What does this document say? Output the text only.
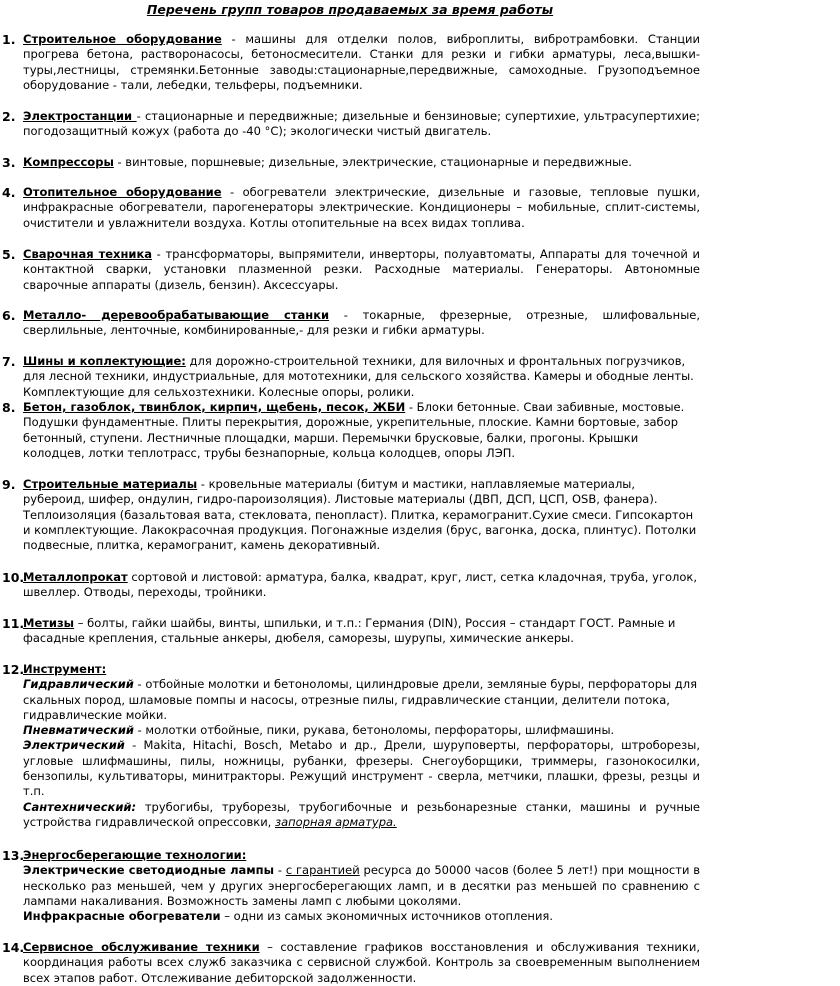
Перечень групп товаров продаваемых за время работы
1. Строительное оборудование - машины для отделки полов, виброплиты, вибротрамбовки. Станции прогрева бетона, растворонасосы, бетоносмесители. Станки для резки и гибки арматуры, леса,вышки-туры,лестницы, стремянки.Бетонные заводы:стационарные,передвижные, самоходные. Грузоподъемное оборудование - тали, лебедки, тельферы, подъемники.
2. Электростанции - стационарные и передвижные; дизельные и бензиновые; супертихие, ультрасупертихие; погодозащитный кожух (работа до -40 °С); экологически чистый двигатель.
3. Компрессоры - винтовые, поршневые; дизельные, электрические, стационарные и передвижные.
4. Отопительное оборудование - обогреватели электрические, дизельные и газовые, тепловые пушки, инфракрасные обогреватели, парогенераторы электрические. Кондиционеры – мобильные, сплит-системы, очистители и увлажнители воздуха. Котлы отопительные на всех видах топлива.
5. Сварочная техника - трансформаторы, выпрямители, инверторы, полуавтоматы, Аппараты для точечной и контактной сварки, установки плазменной резки. Расходные материалы. Генераторы. Автономные сварочные аппараты (дизель, бензин). Аксессуары.
6. Металло- деревообрабатывающие станки - токарные, фрезерные, отрезные, шлифовальные, сверлильные, ленточные, комбинированные,- для резки и гибки арматуры.
7. Шины и коплектующие: для дорожно-строительной техники, для вилочных и фронтальных погрузчиков, для лесной техники, индустриальные, для мототехники, для сельского хозяйства. Камеры и ободные ленты. Комплектующие для сельхозтехники. Колесные опоры, ролики.
8. Бетон, газоблок, твинблок, кирпич, щебень, песок, ЖБИ - Блоки бетонные. Сваи забивные, мостовые. Подушки фундаментные. Плиты перекрытия, дорожные, укрепительные, плоские. Камни бортовые, забор бетонный, ступени. Лестничные площадки, марши. Перемычки брусковые, балки, прогоны. Крышки колодцев, лотки теплотрасс, трубы безнапорные, кольца колодцев, опоры ЛЭП.
9. Строительные материалы - кровельные материалы (битум и мастики, наплавляемые материалы, рубероид, шифер, ондулин, гидро-пароизоляция). Листовые материалы (ДВП, ДСП, ЦСП, OSB, фанера). Теплоизоляция (базальтовая вата, стекловата, пенопласт). Плитка, керамогранит.Сухие смеси. Гипсокартон и комплектующие. Лакокрасочная продукция. Погонажные изделия (брус, вагонка, доска, плинтус). Потолки подвесные, плитка, керамогранит, камень декоративный.
10.
Металлопрокат сортовой и листовой: арматура, балка, квадрат, круг, лист, сетка кладочная, труба, уголок, швеллер. Отводы, переходы, тройники.
11.
Метизы – болты, гайки шайбы, винты, шпильки, и т.п.: Германия (DIN), Россия – стандарт ГОСТ. Рамные и фасадные крепления, стальные анкеры, дюбеля, саморезы, шурупы, химические анкеры.
12.
Инструмент:
Гидравлический - отбойные молотки и бетоноломы, цилиндровые дрели, земляные буры, перфораторы для скальных пород, шламовые помпы и насосы, отрезные пилы, гидравлические станции, делители потока, гидравлические мойки.
Пневматический - молотки отбойные, пики, рукава, бетоноломы, перфораторы, шлифмашины.
Электрический - Makita, Hitachi, Bosch, Metabo и др., Дрели, шуруповерты, перфораторы, штроборезы, угловые шлифмашины, пилы, ножницы, рубанки, фрезеры. Снегоуборщики, триммеры, газонокосилки, бензопилы, культиваторы, минитракторы. Режущий инструмент - сверла, метчики, плашки, фрезы, резцы и т.п.
Сантехнический: трубогибы, труборезы, трубогибочные и резьбонарезные станки, машины и ручные устройства гидравлической опрессовки, запорная арматура.
13.
Энергосберегающие технологии:
Электрические светодиодные лампы - с гарантией ресурса до 50000 часов (более 5 лет!) при мощности в несколько раз меньшей, чем у других энергосберегающих ламп, и в десятки раз меньшей по сравнению с лампами накаливания. Возможность замены ламп с любыми цоколями.
Инфракрасные обогреватели – одни из самых экономичных источников отопления.
14.
Сервисное обслуживание техники – составление графиков восстановления и обслуживания техники, координация работы всех служб заказчика с сервисной службой. Контроль за своевременным выполнением всех этапов работ. Отслеживание дебиторской задолженности.
